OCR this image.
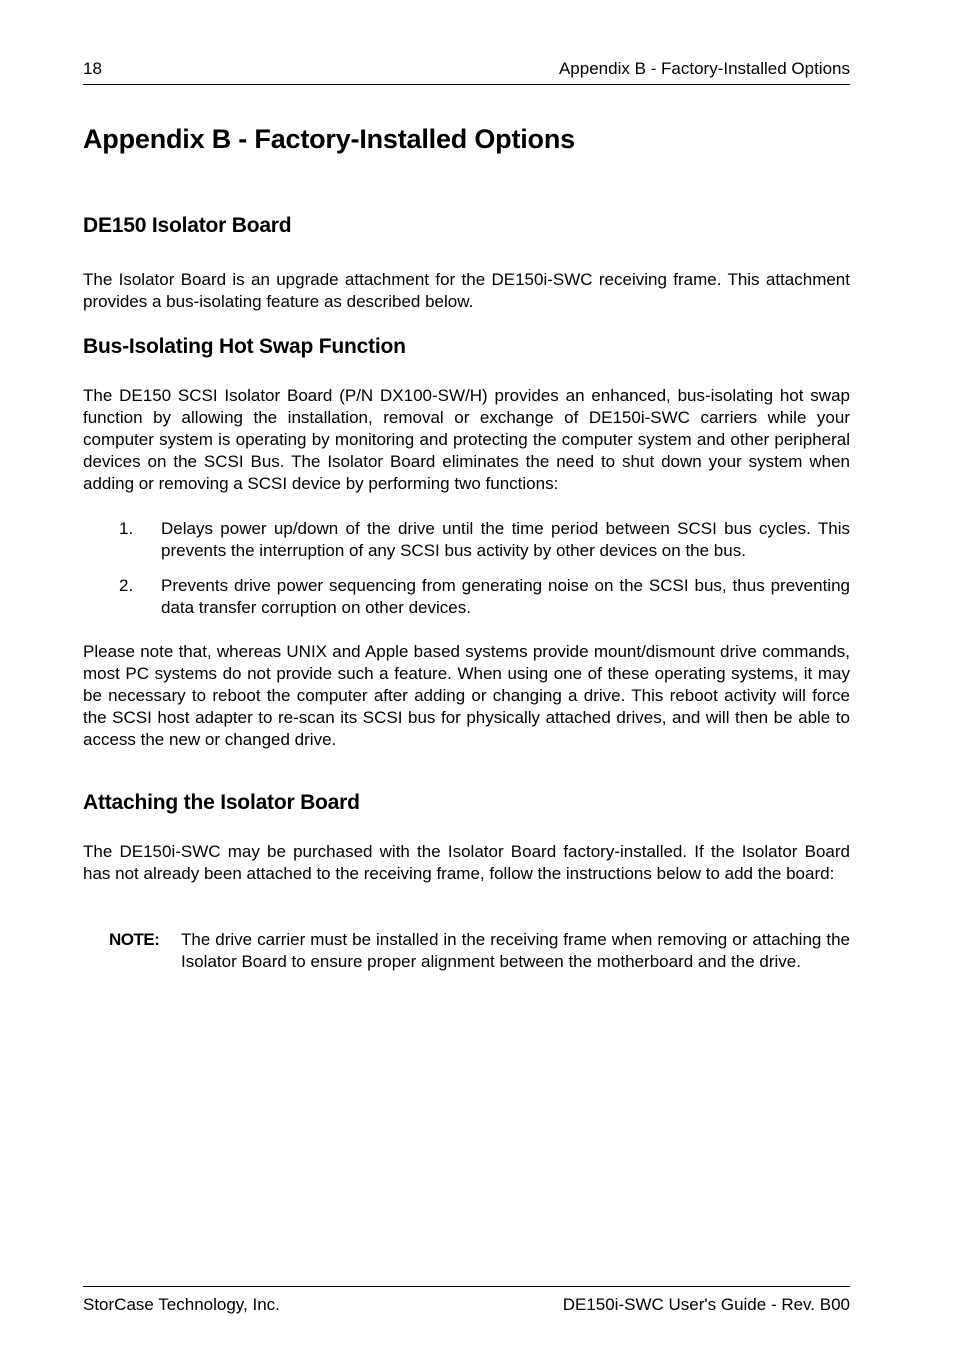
18	Appendix B - Factory-Installed Options
Appendix B - Factory-Installed Options
DE150 Isolator Board

The Isolator Board is an upgrade attachment for the DE150i-SWC receiving frame. This attachment provides a bus-isolating feature as described below.

Bus-Isolating Hot Swap Function

The DE150 SCSI Isolator Board (P/N DX100-SW/H) provides an enhanced, bus-isolating hot swap function by allowing the installation, removal or exchange of DE150i-SWC carriers while your computer system is operating by monitoring and protecting the computer system and other peripheral devices on the SCSI Bus. The Isolator Board eliminates the need to shut down your system when adding or removing a SCSI device by performing two functions:

1. Delays power up/down of the drive until the time period between SCSI bus cycles. This prevents the interruption of any SCSI bus activity by other devices on the bus.
2. Prevents drive power sequencing from generating noise on the SCSI bus, thus preventing data transfer corruption on other devices.

Please note that, whereas UNIX and Apple based systems provide mount/dismount drive commands, most PC systems do not provide such a feature. When using one of these operating systems, it may be necessary to reboot the computer after adding or changing a drive. This reboot activity will force the SCSI host adapter to re-scan its SCSI bus for physically attached drives, and will then be able to access the new or changed drive.

Attaching the Isolator Board

The DE150i-SWC may be purchased with the Isolator Board factory-installed. If the Isolator Board has not already been attached to the receiving frame, follow the instructions below to add the board:

NOTE: The drive carrier must be installed in the receiving frame when removing or attaching the Isolator Board to ensure proper alignment between the motherboard and the drive.
StorCase Technology, Inc.	DE150i-SWC User's Guide - Rev. B00
